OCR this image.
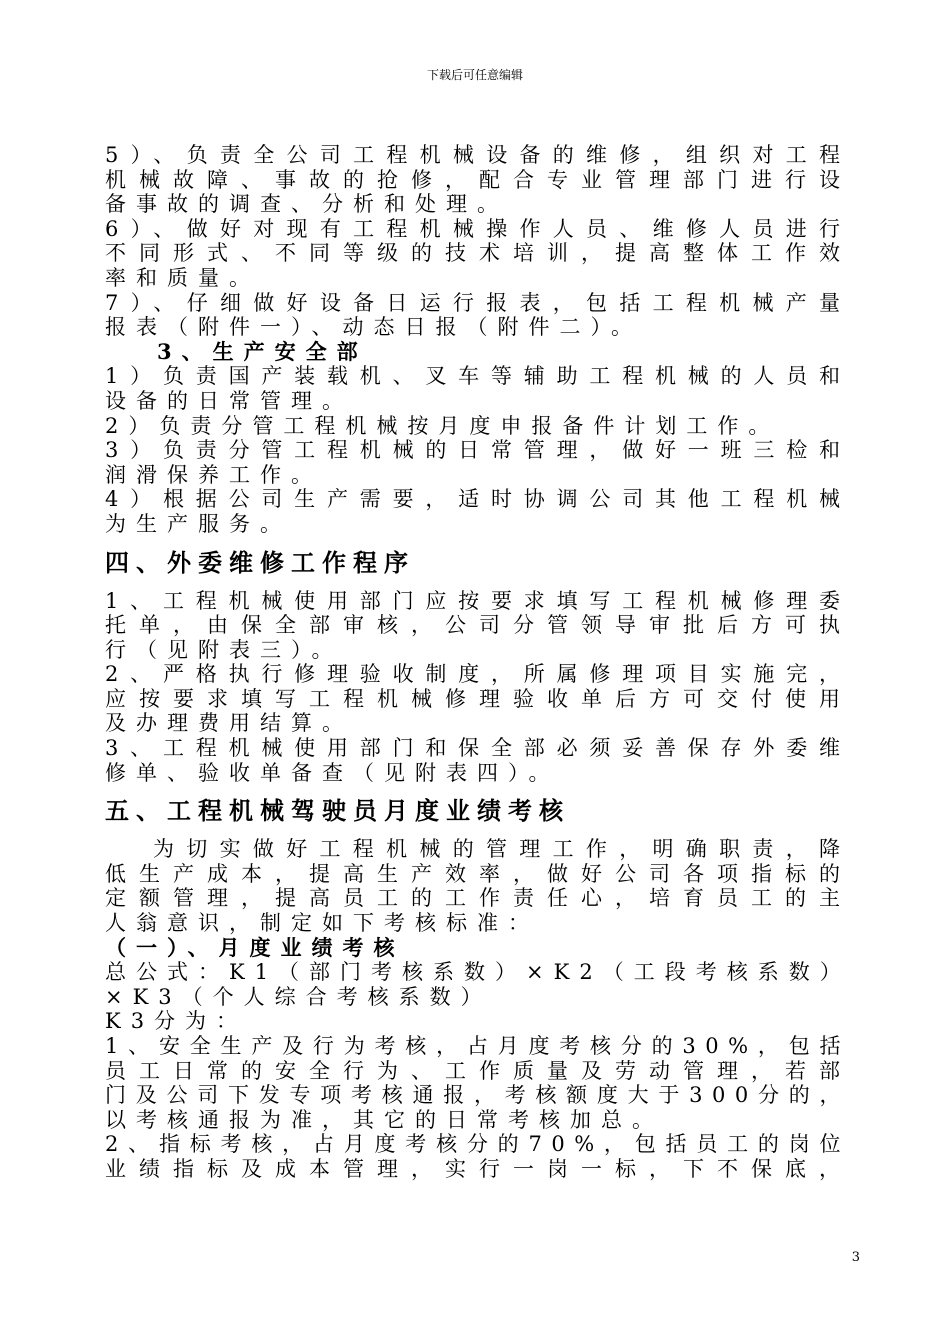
下载后可任意编辑
5）、负责全公司工程机械设备的维修，组织对工程
机械故障、事故的抢修，配合专业管理部门进行设
备事故的调查、分析和处理。
6）、做好对现有工程机械操作人员、维修人员进行
不同形式、不同等级的技术培训，提高整体工作效
率和质量。
7）、仔细做好设备日运行报表，包括工程机械产量
报表（附件一）、动态日报（附件二）。
3、生产安全部
1）负责国产装载机、叉车等辅助工程机械的人员和
设备的日常管理。
2）负责分管工程机械按月度申报备件计划工作。
3）负责分管工程机械的日常管理，做好一班三检和
润滑保养工作。
4）根据公司生产需要，适时协调公司其他工程机械
为生产服务。
四、外委维修工作程序
1、工程机械使用部门应按要求填写工程机械修理委
托单，由保全部审核，公司分管领导审批后方可执
行（见附表三）。
2、严格执行修理验收制度，所属修理项目实施完，
应按要求填写工程机械修理验收单后方可交付使用
及办理费用结算。
3、工程机械使用部门和保全部必须妥善保存外委维
修单、验收单备查（见附表四）。
五、工程机械驾驶员月度业绩考核
为切实做好工程机械的管理工作，明确职责，降
低生产成本，提高生产效率，做好公司各项指标的
定额管理，提高员工的工作责任心，培育员工的主
人翁意识，制定如下考核标准：
（一）、月度业绩考核
总公式：K1（部门考核系数）×K2（工段考核系数）
×K3（个人综合考核系数）
K3分为：
1、安全生产及行为考核，占月度考核分的30%，包括
员工日常的安全行为、工作质量及劳动管理，若部
门及公司下发专项考核通报，考核额度大于300分的，
以考核通报为准，其它的日常考核加总。
2、指标考核，占月度考核分的70%，包括员工的岗位
业绩指标及成本管理，实行一岗一标，下不保底，
3
